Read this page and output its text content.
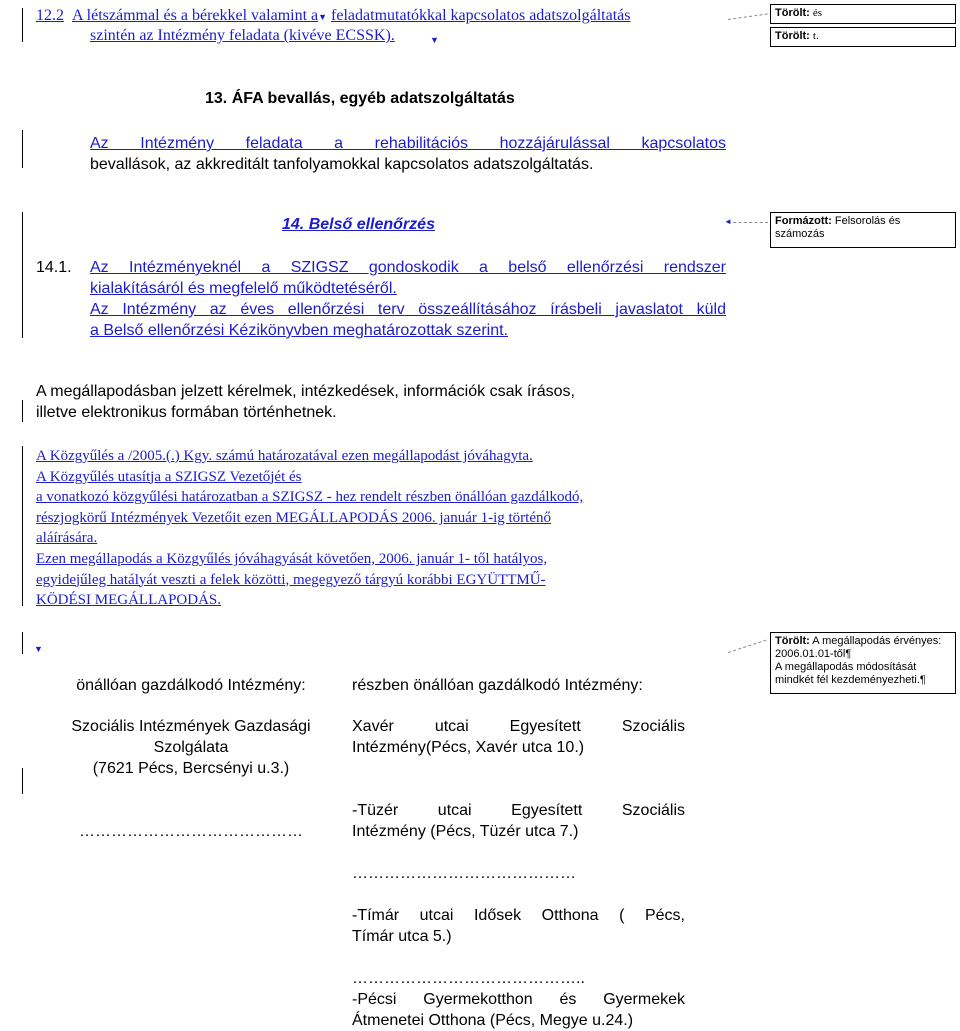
12.2 A létszámmal és a bérekkel valamint a▼ feladatmutatókkal kapcsolatos adatszolgáltatás
szintén az Intézmény feladata (kivéve ECSSK).	▼
13. ÁFA bevallás, egyéb adatszolgáltatás
Az Intézmény feladata a rehabilitációs hozzájárulással kapcsolatos
bevallások, az akkreditált tanfolyamokkal kapcsolatos adatszolgáltatás.
14. Belső ellenőrzés
14.1. Az Intézményeknél a SZIGSZ gondoskodik a belső ellenőrzési rendszer
kialakításáról és megfelelő működtetéséről.
Az Intézmény az éves ellenőrzési terv összeállításához írásbeli javaslatot küld
a Belső ellenőrzési Kézikönyvben meghatározottak szerint.
A megállapodásban jelzett kérelmek, intézkedések, információk csak írásos,
illetve elektronikus formában történhetnek.
A Közgyűlés a /2005.(.) Kgy. számú határozatával ezen megállapodást jóváhagyta.
A Közgyűlés utasítja a SZIGSZ Vezetőjét és
a vonatkozó közgyűlési határozatban a SZIGSZ - hez rendelt részben önállóan gazdálkodó,
részjogkörű Intézmények Vezetőit ezen MEGÁLLAPODÁS 2006. január 1-ig történő
aláírására.
Ezen megállapodás a Közgyűlés jóváhagyását követően, 2006. január 1- től hatályos,
egyidejűleg hatályát veszti a felek közötti, megegyező tárgyú korábbi EGYÜTTMŰ-
KÖDÉSI MEGÁLLAPODÁS.
▼
önállóan gazdálkodó Intézmény:	részben önállóan gazdálkodó Intézmény:
Szociális Intézmények Gazdasági
Szolgálata
(7621 Pécs, Bercsényi u.3.)
……………………………………
Xavér utcai Egyesített Szociális
Intézmény(Pécs, Xavér utca 10.)
-Tüzér utcai Egyesített Szociális
Intézmény (Pécs, Tüzér utca 7.)
……………………………………
-Tímár utcai Idősek Otthona ( Pécs,
Tímár utca 5.)
……………………………………..
-Pécsi Gyermekotthon és Gyermekek
Átmenetei Otthona (Pécs, Megye u.24.)
◄
Törölt: és
Törölt: t.
Formázott: Felsorolás és számozás
Törölt: A megállapodás érvényes: 2006.01.01-től¶
A megállapodás módosítását mindkét fél kezdeményezheti.¶
